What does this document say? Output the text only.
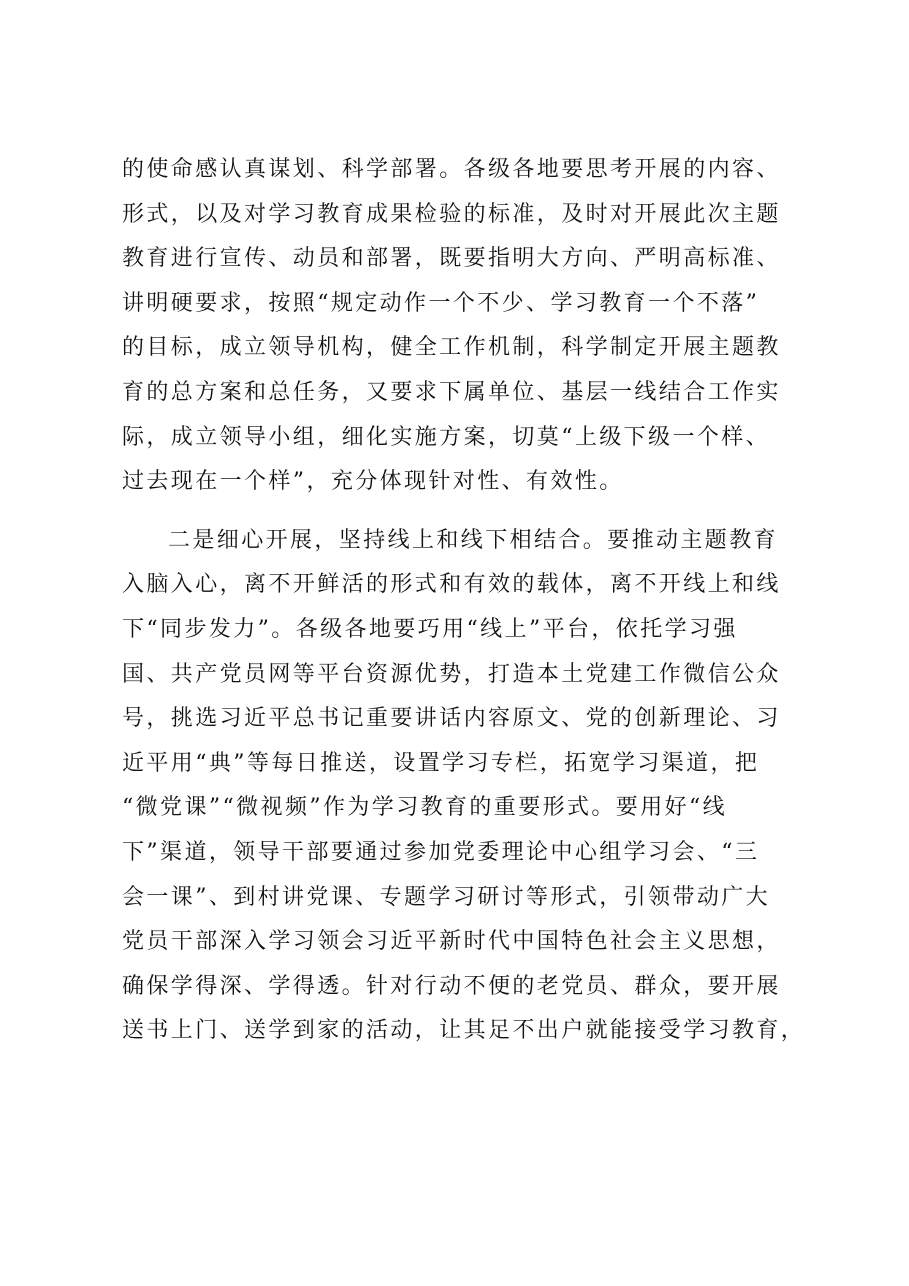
的使命感认真谋划、科学部署。各级各地要思考开展的内容、
形式，以及对学习教育成果检验的标准，及时对开展此次主题
教育进行宣传、动员和部署，既要指明大方向、严明高标准、
讲明硬要求，按照“规定动作一个不少、学习教育一个不落”
的目标，成立领导机构，健全工作机制，科学制定开展主题教
育的总方案和总任务，又要求下属单位、基层一线结合工作实
际，成立领导小组，细化实施方案，切莫“上级下级一个样、
过去现在一个样”，充分体现针对性、有效性。
二是细心开展，坚持线上和线下相结合。要推动主题教育
入脑入心，离不开鲜活的形式和有效的载体，离不开线上和线
下“同步发力”。各级各地要巧用“线上”平台，依托学习强
国、共产党员网等平台资源优势，打造本土党建工作微信公众
号，挑选习近平总书记重要讲话内容原文、党的创新理论、习
近平用“典”等每日推送，设置学习专栏，拓宽学习渠道，把
“微党课”“微视频”作为学习教育的重要形式。要用好“线
下”渠道，领导干部要通过参加党委理论中心组学习会、“三
会一课”、到村讲党课、专题学习研讨等形式，引领带动广大
党员干部深入学习领会习近平新时代中国特色社会主义思想，
确保学得深、学得透。针对行动不便的老党员、群众，要开展
送书上门、送学到家的活动，让其足不出户就能接受学习教育，
